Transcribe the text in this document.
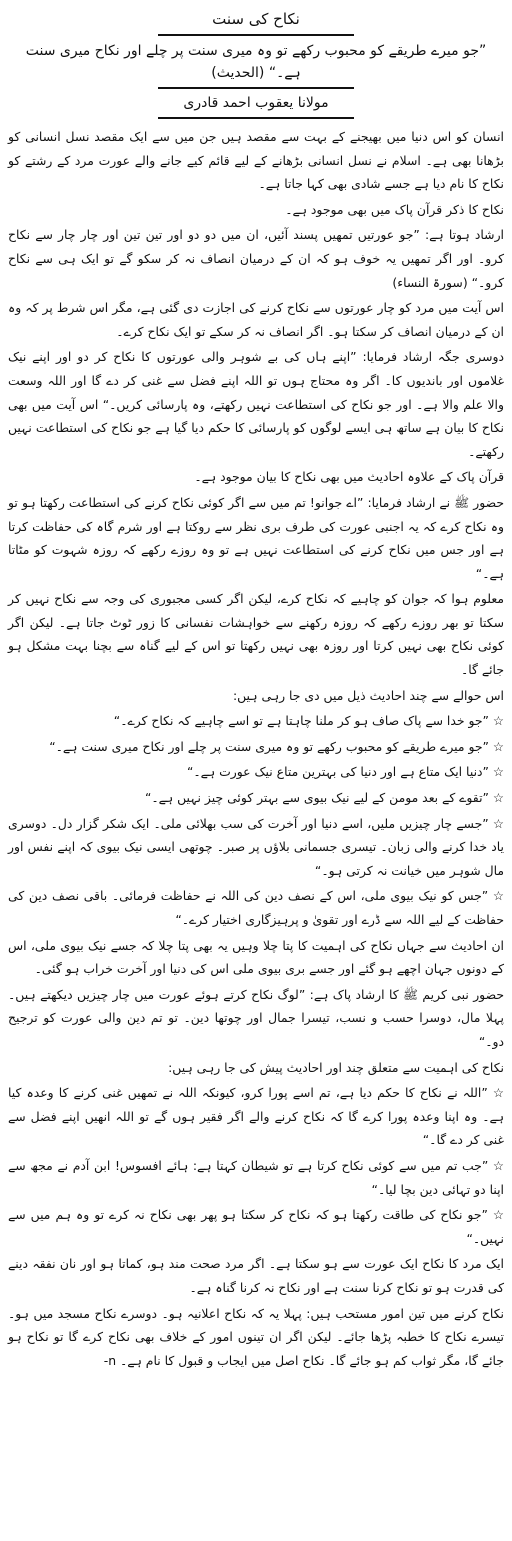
نکاح کی سنت
”جو میرے طریقے کو محبوب رکھے تو وہ میری سنت پر چلے اور نکاح میری سنت ہے۔“ (الحدیث)
مولانا یعقوب احمد قادری

انسان کو اس دنیا میں بھیجنے کے بہت سے مقصد ہیں جن میں سے ایک مقصد نسل انسانی کو بڑھانا بھی ہے۔ اسلام نے نسل انسانی بڑھانے کے لیے قائم کیے جانے والے عورت مرد کے رشتے کو نکاح کا نام دیا ہے جسے شادی بھی کہا جاتا ہے۔

نکاح کا ذکر قرآن پاک میں بھی موجود ہے۔

ارشاد ہوتا ہے: ”جو عورتیں تمھیں پسند آئیں، ان میں دو دو اور تین تین اور چار چار سے نکاح کرو۔ اور اگر تمھیں یہ خوف ہو کہ ان کے درمیان انصاف نہ کر سکو گے تو ایک ہی سے نکاح کرو۔“ (سورۃ النساء)

اس آیت میں مرد کو چار عورتوں سے نکاح کرنے کی اجازت دی گئی ہے، مگر اس شرط پر کہ وہ ان کے درمیان انصاف کر سکتا ہو۔ اگر انصاف نہ کر سکے تو ایک نکاح کرے۔

دوسری جگہ ارشاد فرمایا: ”اپنے ہاں کی بے شوہر والی عورتوں کا نکاح کر دو اور اپنے نیک غلاموں اور باندیوں کا۔ اگر وہ محتاج ہوں تو اللہ اپنے فضل سے غنی کر دے گا اور اللہ وسعت والا علم والا ہے۔ اور جو نکاح کی استطاعت نہیں رکھتے، وہ پارسائی کریں۔“ اس آیت میں بھی نکاح کا بیان ہے ساتھ ہی ایسے لوگوں کو پارسائی کا حکم دیا گیا ہے جو نکاح کی استطاعت نہیں رکھتے۔

قرآن پاک کے علاوہ احادیث میں بھی نکاح کا بیان موجود ہے۔

حضور ﷺ نے ارشاد فرمایا: ”اے جوانو! تم میں سے اگر کوئی نکاح کرنے کی استطاعت رکھتا ہو تو وہ نکاح کرے کہ یہ اجنبی عورت کی طرف بری نظر سے روکتا ہے اور شرم گاہ کی حفاظت کرتا ہے اور جس میں نکاح کرنے کی استطاعت نہیں ہے تو وہ روزے رکھے کہ روزہ شہوت کو مٹاتا ہے۔“

معلوم ہوا کہ جوان کو چاہیے کہ نکاح کرے، لیکن اگر کسی مجبوری کی وجہ سے نکاح نہیں کر سکتا تو بھر روزے رکھے کہ روزہ رکھنے سے خواہشات نفسانی کا زور ٹوٹ جاتا ہے۔ لیکن اگر کوئی نکاح بھی نہیں کرتا اور روزہ بھی نہیں رکھتا تو اس کے لیے گناہ سے بچنا بہت مشکل ہو جائے گا۔

اس حوالے سے چند احادیث ذیل میں دی جا رہی ہیں:

☆ ”جو خدا سے پاک صاف ہو کر ملنا چاہتا ہے تو اسے چاہیے کہ نکاح کرے۔“

☆ ”جو میرے طریقے کو محبوب رکھے تو وہ میری سنت پر چلے اور نکاح میری سنت ہے۔“

☆ ”دنیا ایک متاع ہے اور دنیا کی بہترین متاع نیک عورت ہے۔“

☆ ”تقوے کے بعد مومن کے لیے نیک بیوی سے بہتر کوئی چیز نہیں ہے۔“

☆ ”جسے چار چیزیں ملیں، اسے دنیا اور آخرت کی سب بھلائی ملی۔ ایک شکر گزار دل۔ دوسری یاد خدا کرنے والی زبان۔ تیسری جسمانی بلاؤں پر صبر۔ چوتھی ایسی نیک بیوی کہ اپنے نفس اور مال شوہر میں خیانت نہ کرتی ہو۔“

☆ ”جس کو نیک بیوی ملی، اس کے نصف دین کی اللہ نے حفاظت فرمائی۔ باقی نصف دین کی حفاظت کے لیے اللہ سے ڈرے اور تقویٰ و پرہیزگاری اختیار کرے۔“

ان احادیث سے جہاں نکاح کی اہمیت کا پتا چلا وہیں یہ بھی پتا چلا کہ جسے نیک بیوی ملی، اس کے دونوں جہان اچھے ہو گئے اور جسے بری بیوی ملی اس کی دنیا اور آخرت خراب ہو گئی۔

حضور نبی کریم ﷺ کا ارشاد پاک ہے: ”لوگ نکاح کرتے ہوئے عورت میں چار چیزیں دیکھتے ہیں۔ پہلا مال، دوسرا حسب و نسب، تیسرا جمال اور چوتھا دین۔ تو تم دین والی عورت کو ترجیح دو۔“

نکاح کی اہمیت سے متعلق چند اور احادیث پیش کی جا رہی ہیں:

☆ ”اللہ نے نکاح کا حکم دیا ہے، تم اسے پورا کرو، کیونکہ اللہ نے تمھیں غنی کرنے کا وعدہ کیا ہے۔ وہ اپنا وعدہ پورا کرے گا کہ نکاح کرنے والے اگر فقیر ہوں گے تو اللہ انھیں اپنے فضل سے غنی کر دے گا۔“

☆ ”جب تم میں سے کوئی نکاح کرتا ہے تو شیطان کہتا ہے: ہائے افسوس! ابن آدم نے مجھ سے اپنا دو تہائی دین بچا لیا۔“

☆ ”جو نکاح کی طاقت رکھتا ہو کہ نکاح کر سکتا ہو پھر بھی نکاح نہ کرے تو وہ ہم میں سے نہیں۔“

ایک مرد کا نکاح ایک عورت سے ہو سکتا ہے۔ اگر مرد صحت مند ہو، کماتا ہو اور نان نفقہ دینے کی قدرت ہو تو نکاح کرنا سنت ہے اور نکاح نہ کرنا گناہ ہے۔

نکاح کرنے میں تین امور مستحب ہیں: پہلا یہ کہ نکاح اعلانیہ ہو۔ دوسرے نکاح مسجد میں ہو۔ تیسرے نکاح کا خطبہ پڑھا جائے۔ لیکن اگر ان تینوں امور کے خلاف بھی نکاح کرے گا تو نکاح ہو جائے گا، مگر ثواب کم ہو جائے گا۔ نکاح اصل میں ایجاب و قبول کا نام ہے۔ n-
